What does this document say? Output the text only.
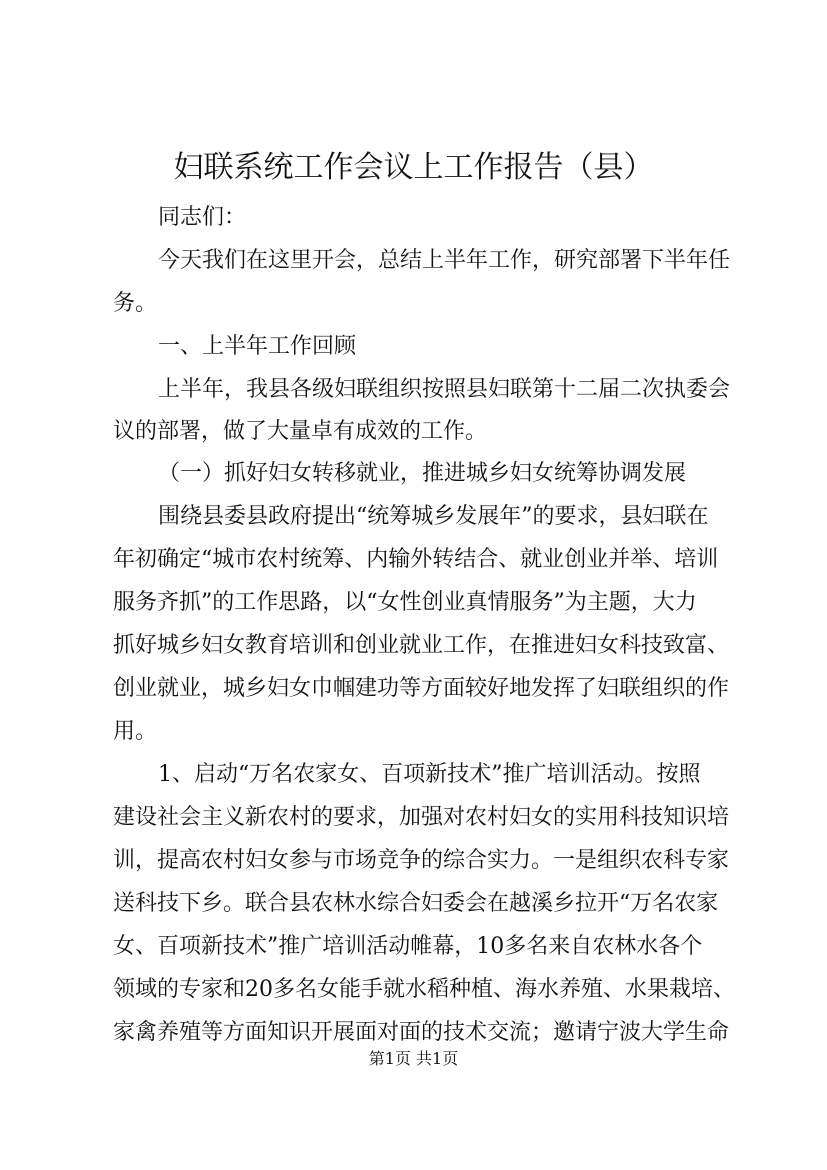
妇联系统工作会议上工作报告（县）
同志们：
今天我们在这里开会，总结上半年工作，研究部署下半年任
务。
一、上半年工作回顾
上半年，我县各级妇联组织按照县妇联第十二届二次执委会
议的部署，做了大量卓有成效的工作。
（一）抓好妇女转移就业，推进城乡妇女统筹协调发展
围绕县委县政府提出“统筹城乡发展年”的要求，县妇联在
年初确定“城市农村统筹、内输外转结合、就业创业并举、培训
服务齐抓”的工作思路，以“女性创业真情服务”为主题，大力
抓好城乡妇女教育培训和创业就业工作，在推进妇女科技致富、
创业就业，城乡妇女巾帼建功等方面较好地发挥了妇联组织的作
用。
1、启动“万名农家女、百项新技术”推广培训活动。按照
建设社会主义新农村的要求，加强对农村妇女的实用科技知识培
训，提高农村妇女参与市场竞争的综合实力。一是组织农科专家
送科技下乡。联合县农林水综合妇委会在越溪乡拉开“万名农家
女、百项新技术”推广培训活动帷幕，10多名来自农林水各个
领域的专家和20多名女能手就水稻种植、海水养殖、水果栽培、
家禽养殖等方面知识开展面对面的技术交流；邀请宁波大学生命
第1页 共1页
